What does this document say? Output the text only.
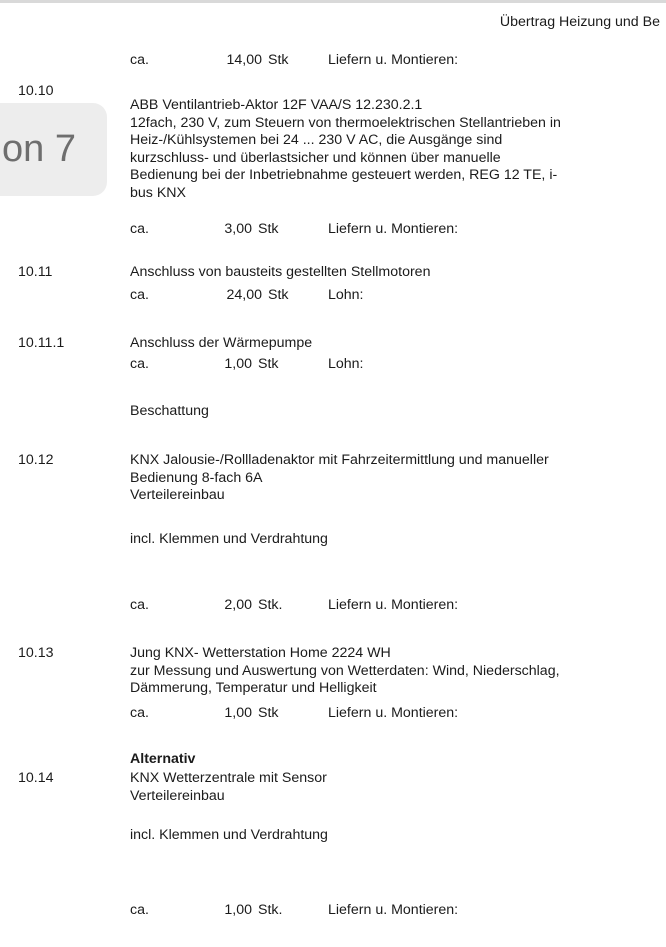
Übertrag Heizung und Be
ca.	14,00 Stk	Liefern u. Montieren:
10.10
on 7
ABB Ventilantrieb-Aktor 12F VAA/S 12.230.2.1
12fach, 230 V, zum Steuern von thermoelektrischen Stellantrieben in
Heiz-/Kühlsystemen bei 24 ... 230 V AC, die Ausgänge sind
kurzschluss- und überlastsicher und können über manuelle
Bedienung bei der Inbetriebnahme gesteuert werden, REG 12 TE, i-
bus KNX
ca.	3,00 Stk	Liefern u. Montieren:
10.11	Anschluss von bausteits gestellten Stellmotoren
ca.	24,00 Stk	Lohn:
10.11.1	Anschluss der Wärmepumpe
ca.	1,00 Stk	Lohn:
Beschattung
10.12	KNX Jalousie-/Rollladenaktor mit Fahrzeitermittlung und manueller
Bedienung 8-fach 6A
Verteilereinbau
incl. Klemmen und Verdrahtung
ca.	2,00 Stk.	Liefern u. Montieren:
10.13	Jung KNX- Wetterstation Home 2224 WH
zur Messung und Auswertung von Wetterdaten: Wind, Niederschlag,
Dämmerung, Temperatur und Helligkeit
ca.	1,00 Stk	Liefern u. Montieren:
Alternativ
10.14	KNX Wetterzentrale mit Sensor
Verteilereinbau
incl. Klemmen und Verdrahtung
ca.	1,00 Stk.	Liefern u. Montieren:
